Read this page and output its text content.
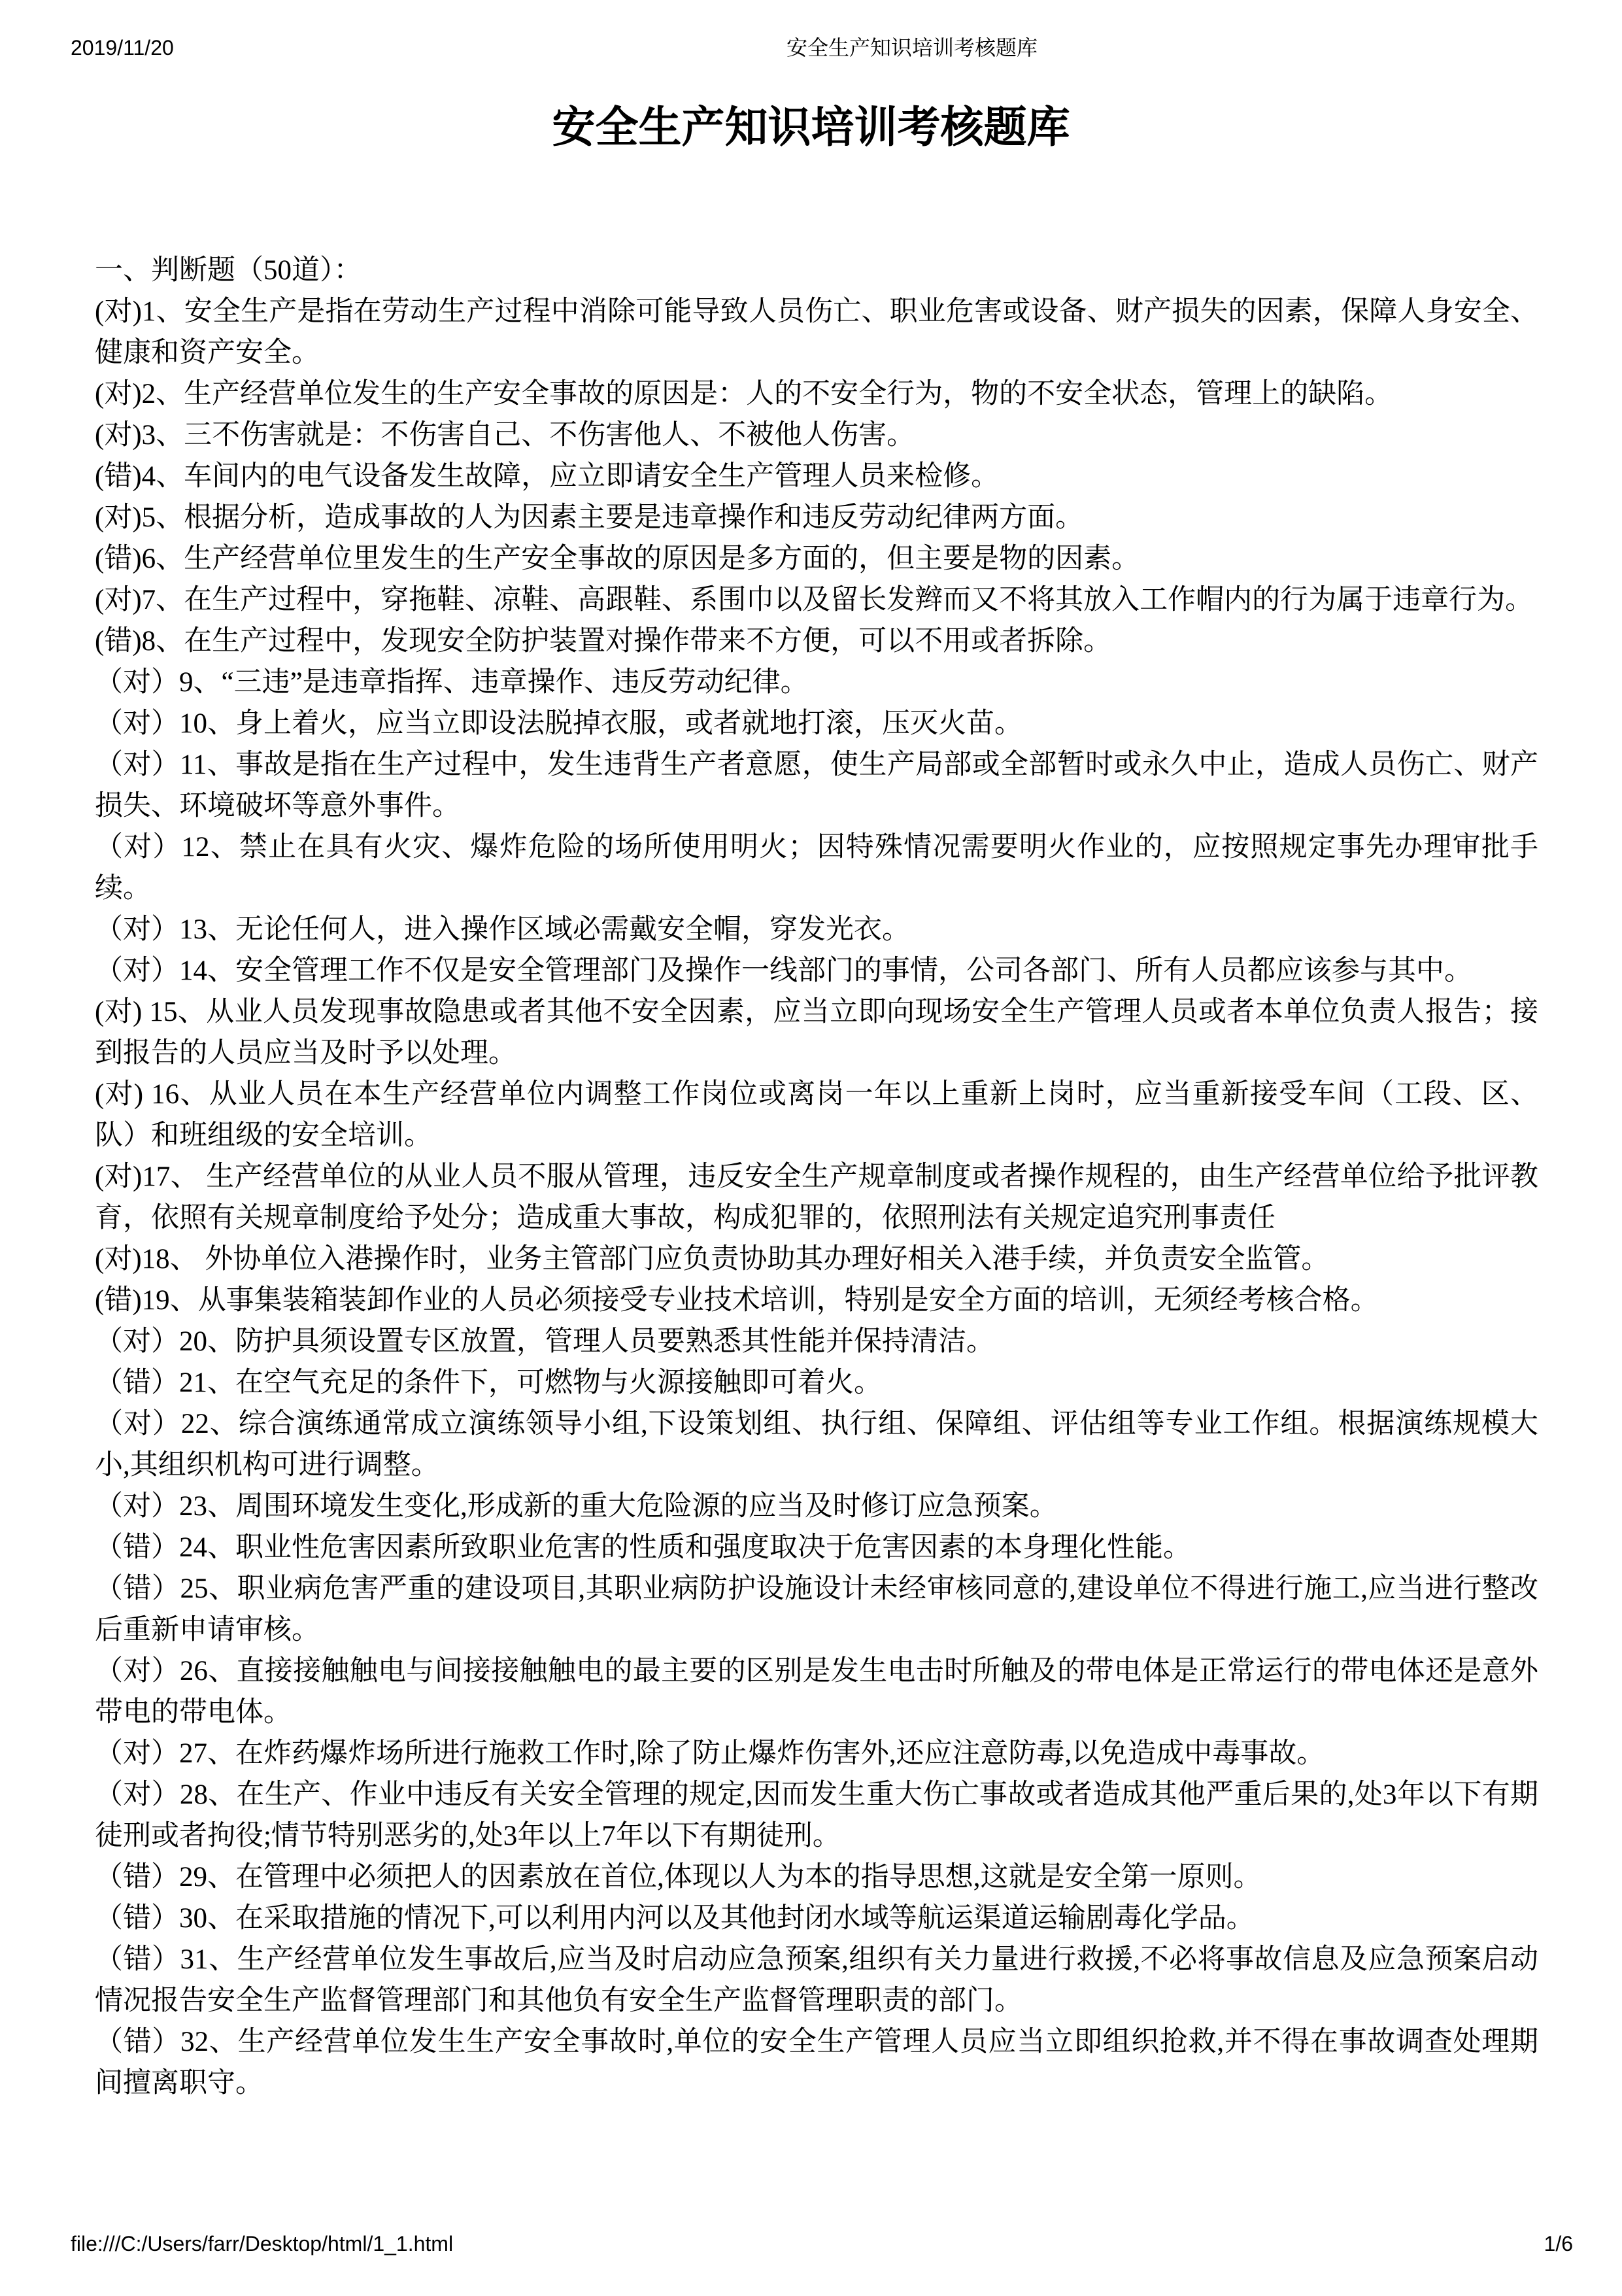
2019/11/20	安全生产知识培训考核题库
安全生产知识培训考核题库

一、判断题（50道）：

(对)1、安全生产是指在劳动生产过程中消除可能导致人员伤亡、职业危害或设备、财产损失的因素，保障人身安全、健康和资产安全。

(对)2、生产经营单位发生的生产安全事故的原因是：人的不安全行为，物的不安全状态，管理上的缺陷。

(对)3、三不伤害就是：不伤害自己、不伤害他人、不被他人伤害。

(错)4、车间内的电气设备发生故障，应立即请安全生产管理人员来检修。

(对)5、根据分析，造成事故的人为因素主要是违章操作和违反劳动纪律两方面。

(错)6、生产经营单位里发生的生产安全事故的原因是多方面的，但主要是物的因素。

(对)7、在生产过程中，穿拖鞋、凉鞋、高跟鞋、系围巾以及留长发辫而又不将其放入工作帽内的行为属于违章行为。

(错)8、在生产过程中，发现安全防护装置对操作带来不方便，可以不用或者拆除。

（对）9、“三违”是违章指挥、违章操作、违反劳动纪律。

（对）10、身上着火，应当立即设法脱掉衣服，或者就地打滚，压灭火苗。

（对）11、事故是指在生产过程中，发生违背生产者意愿，使生产局部或全部暂时或永久中止，造成人员伤亡、财产损失、环境破坏等意外事件。

（对）12、禁止在具有火灾、爆炸危险的场所使用明火；因特殊情况需要明火作业的，应按照规定事先办理审批手续。

（对）13、无论任何人，进入操作区域必需戴安全帽，穿发光衣。

（对）14、安全管理工作不仅是安全管理部门及操作一线部门的事情，公司各部门、所有人员都应该参与其中。

(对) 15、从业人员发现事故隐患或者其他不安全因素，应当立即向现场安全生产管理人员或者本单位负责人报告；接到报告的人员应当及时予以处理。

(对) 16、从业人员在本生产经营单位内调整工作岗位或离岗一年以上重新上岗时，应当重新接受车间（工段、区、队）和班组级的安全培训。

(对)17、 生产经营单位的从业人员不服从管理，违反安全生产规章制度或者操作规程的，由生产经营单位给予批评教育，依照有关规章制度给予处分；造成重大事故，构成犯罪的，依照刑法有关规定追究刑事责任

(对)18、 外协单位入港操作时，业务主管部门应负责协助其办理好相关入港手续，并负责安全监管。

(错)19、从事集装箱装卸作业的人员必须接受专业技术培训，特别是安全方面的培训，无须经考核合格。

（对）20、防护具须设置专区放置，管理人员要熟悉其性能并保持清洁。

（错）21、在空气充足的条件下，可燃物与火源接触即可着火。

（对）22、综合演练通常成立演练领导小组,下设策划组、执行组、保障组、评估组等专业工作组。根据演练规模大小,其组织机构可进行调整。

（对）23、周围环境发生变化,形成新的重大危险源的应当及时修订应急预案。

（错）24、职业性危害因素所致职业危害的性质和强度取决于危害因素的本身理化性能。

（错）25、职业病危害严重的建设项目,其职业病防护设施设计未经审核同意的,建设单位不得进行施工,应当进行整改后重新申请审核。

（对）26、直接接触触电与间接接触触电的最主要的区别是发生电击时所触及的带电体是正常运行的带电体还是意外带电的带电体。

（对）27、在炸药爆炸场所进行施救工作时,除了防止爆炸伤害外,还应注意防毒,以免造成中毒事故。

（对）28、在生产、作业中违反有关安全管理的规定,因而发生重大伤亡事故或者造成其他严重后果的,处3年以下有期徒刑或者拘役;情节特别恶劣的,处3年以上7年以下有期徒刑。

（错）29、在管理中必须把人的因素放在首位,体现以人为本的指导思想,这就是安全第一原则。

（错）30、在采取措施的情况下,可以利用内河以及其他封闭水域等航运渠道运输剧毒化学品。

（错）31、生产经营单位发生事故后,应当及时启动应急预案,组织有关力量进行救援,不必将事故信息及应急预案启动情况报告安全生产监督管理部门和其他负有安全生产监督管理职责的部门。

（错）32、生产经营单位发生生产安全事故时,单位的安全生产管理人员应当立即组织抢救,并不得在事故调查处理期间擅离职守。

file:///C:/Users/farr/Desktop/html/1_1.html	1/6
